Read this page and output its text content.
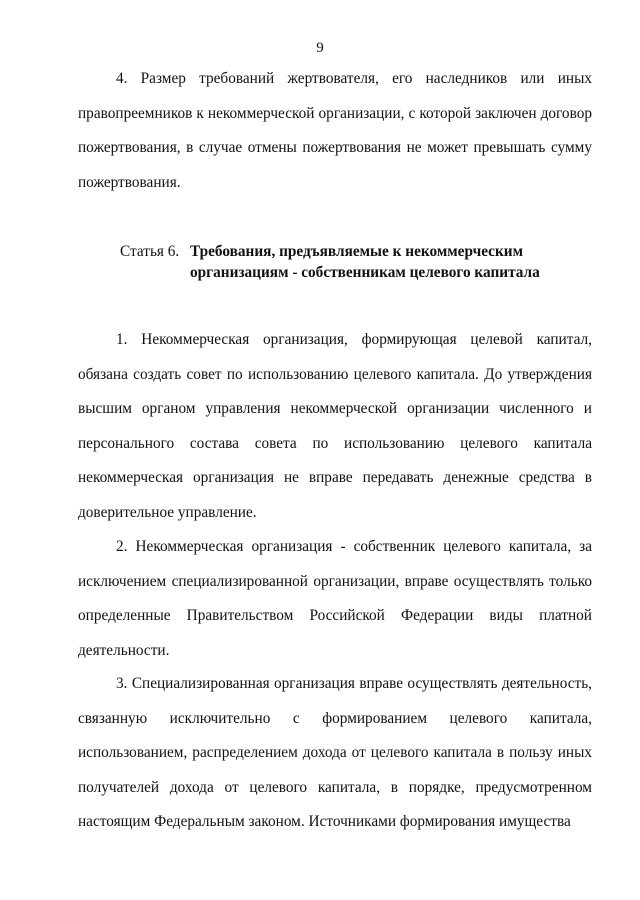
9

4. Размер требований жертвователя, его наследников или иных правопреемников к некоммерческой организации, с которой заключен договор пожертвования, в случае отмены пожертвования не может превышать сумму пожертвования.

Статья 6. Требования, предъявляемые к некоммерческим организациям - собственникам целевого капитала

1. Некоммерческая организация, формирующая целевой капитал, обязана создать совет по использованию целевого капитала. До утверждения высшим органом управления некоммерческой организации численного и персонального состава совета по использованию целевого капитала некоммерческая организация не вправе передавать денежные средства в доверительное управление.

2. Некоммерческая организация - собственник целевого капитала, за исключением специализированной организации, вправе осуществлять только определенные Правительством Российской Федерации виды платной деятельности.

3. Специализированная организация вправе осуществлять деятельность, связанную исключительно с формированием целевого капитала, использованием, распределением дохода от целевого капитала в пользу иных получателей дохода от целевого капитала, в порядке, предусмотренном настоящим Федеральным законом. Источниками формирования имущества
